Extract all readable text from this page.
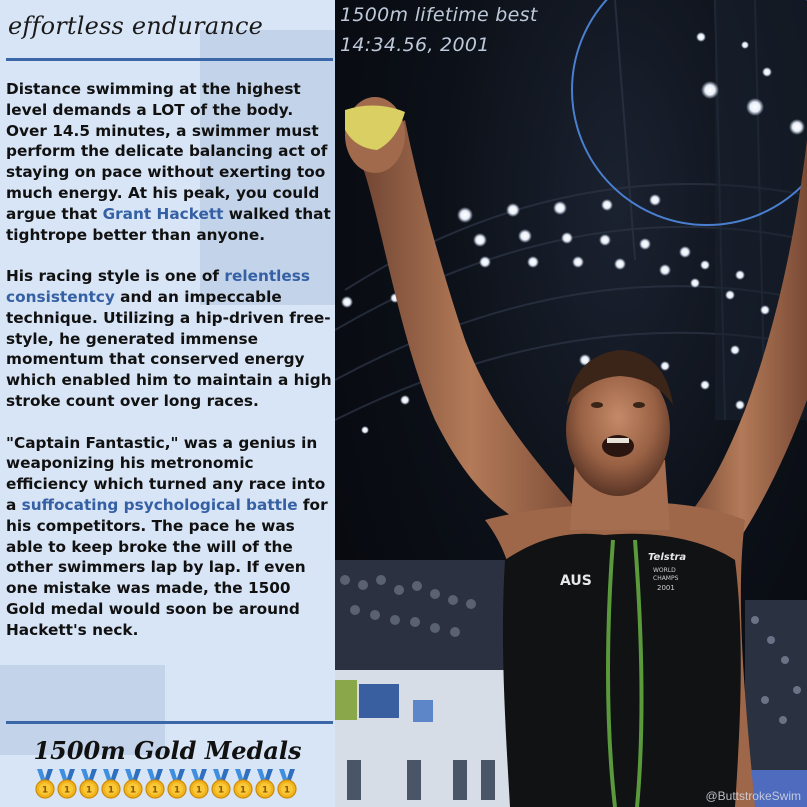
AUS
Telstra
WORLD
CHAMPS
2001
1500m lifetime best
14:34.56, 2001
@ButtstrokeSwim
effortless endurance

Distance swimming at the highest level demands a LOT of the body. Over 14.5 minutes, a swimmer must perform the delicate balancing act of staying on pace without exerting too much energy. At his peak, you could argue that Grant Hackett walked that tightrope better than anyone.

His racing style is one of relentless consistentcy and an impeccable technique. Utilizing a hip-driven free-style, he generated immense momentum that conserved energy which enabled him to maintain a high stroke count over long races.

"Captain Fantastic," was a genius in weaponizing his metronomic efficiency which turned any race into a suffocating psychological battle for his competitors. The pace he was able to keep broke the will of the other swimmers lap by lap. If even one mistake was made, the 1500 Gold medal would soon be around Hackett's neck.

1500m Gold Medals
1 1 1 1 1 1 1 1 1 1 1 1
